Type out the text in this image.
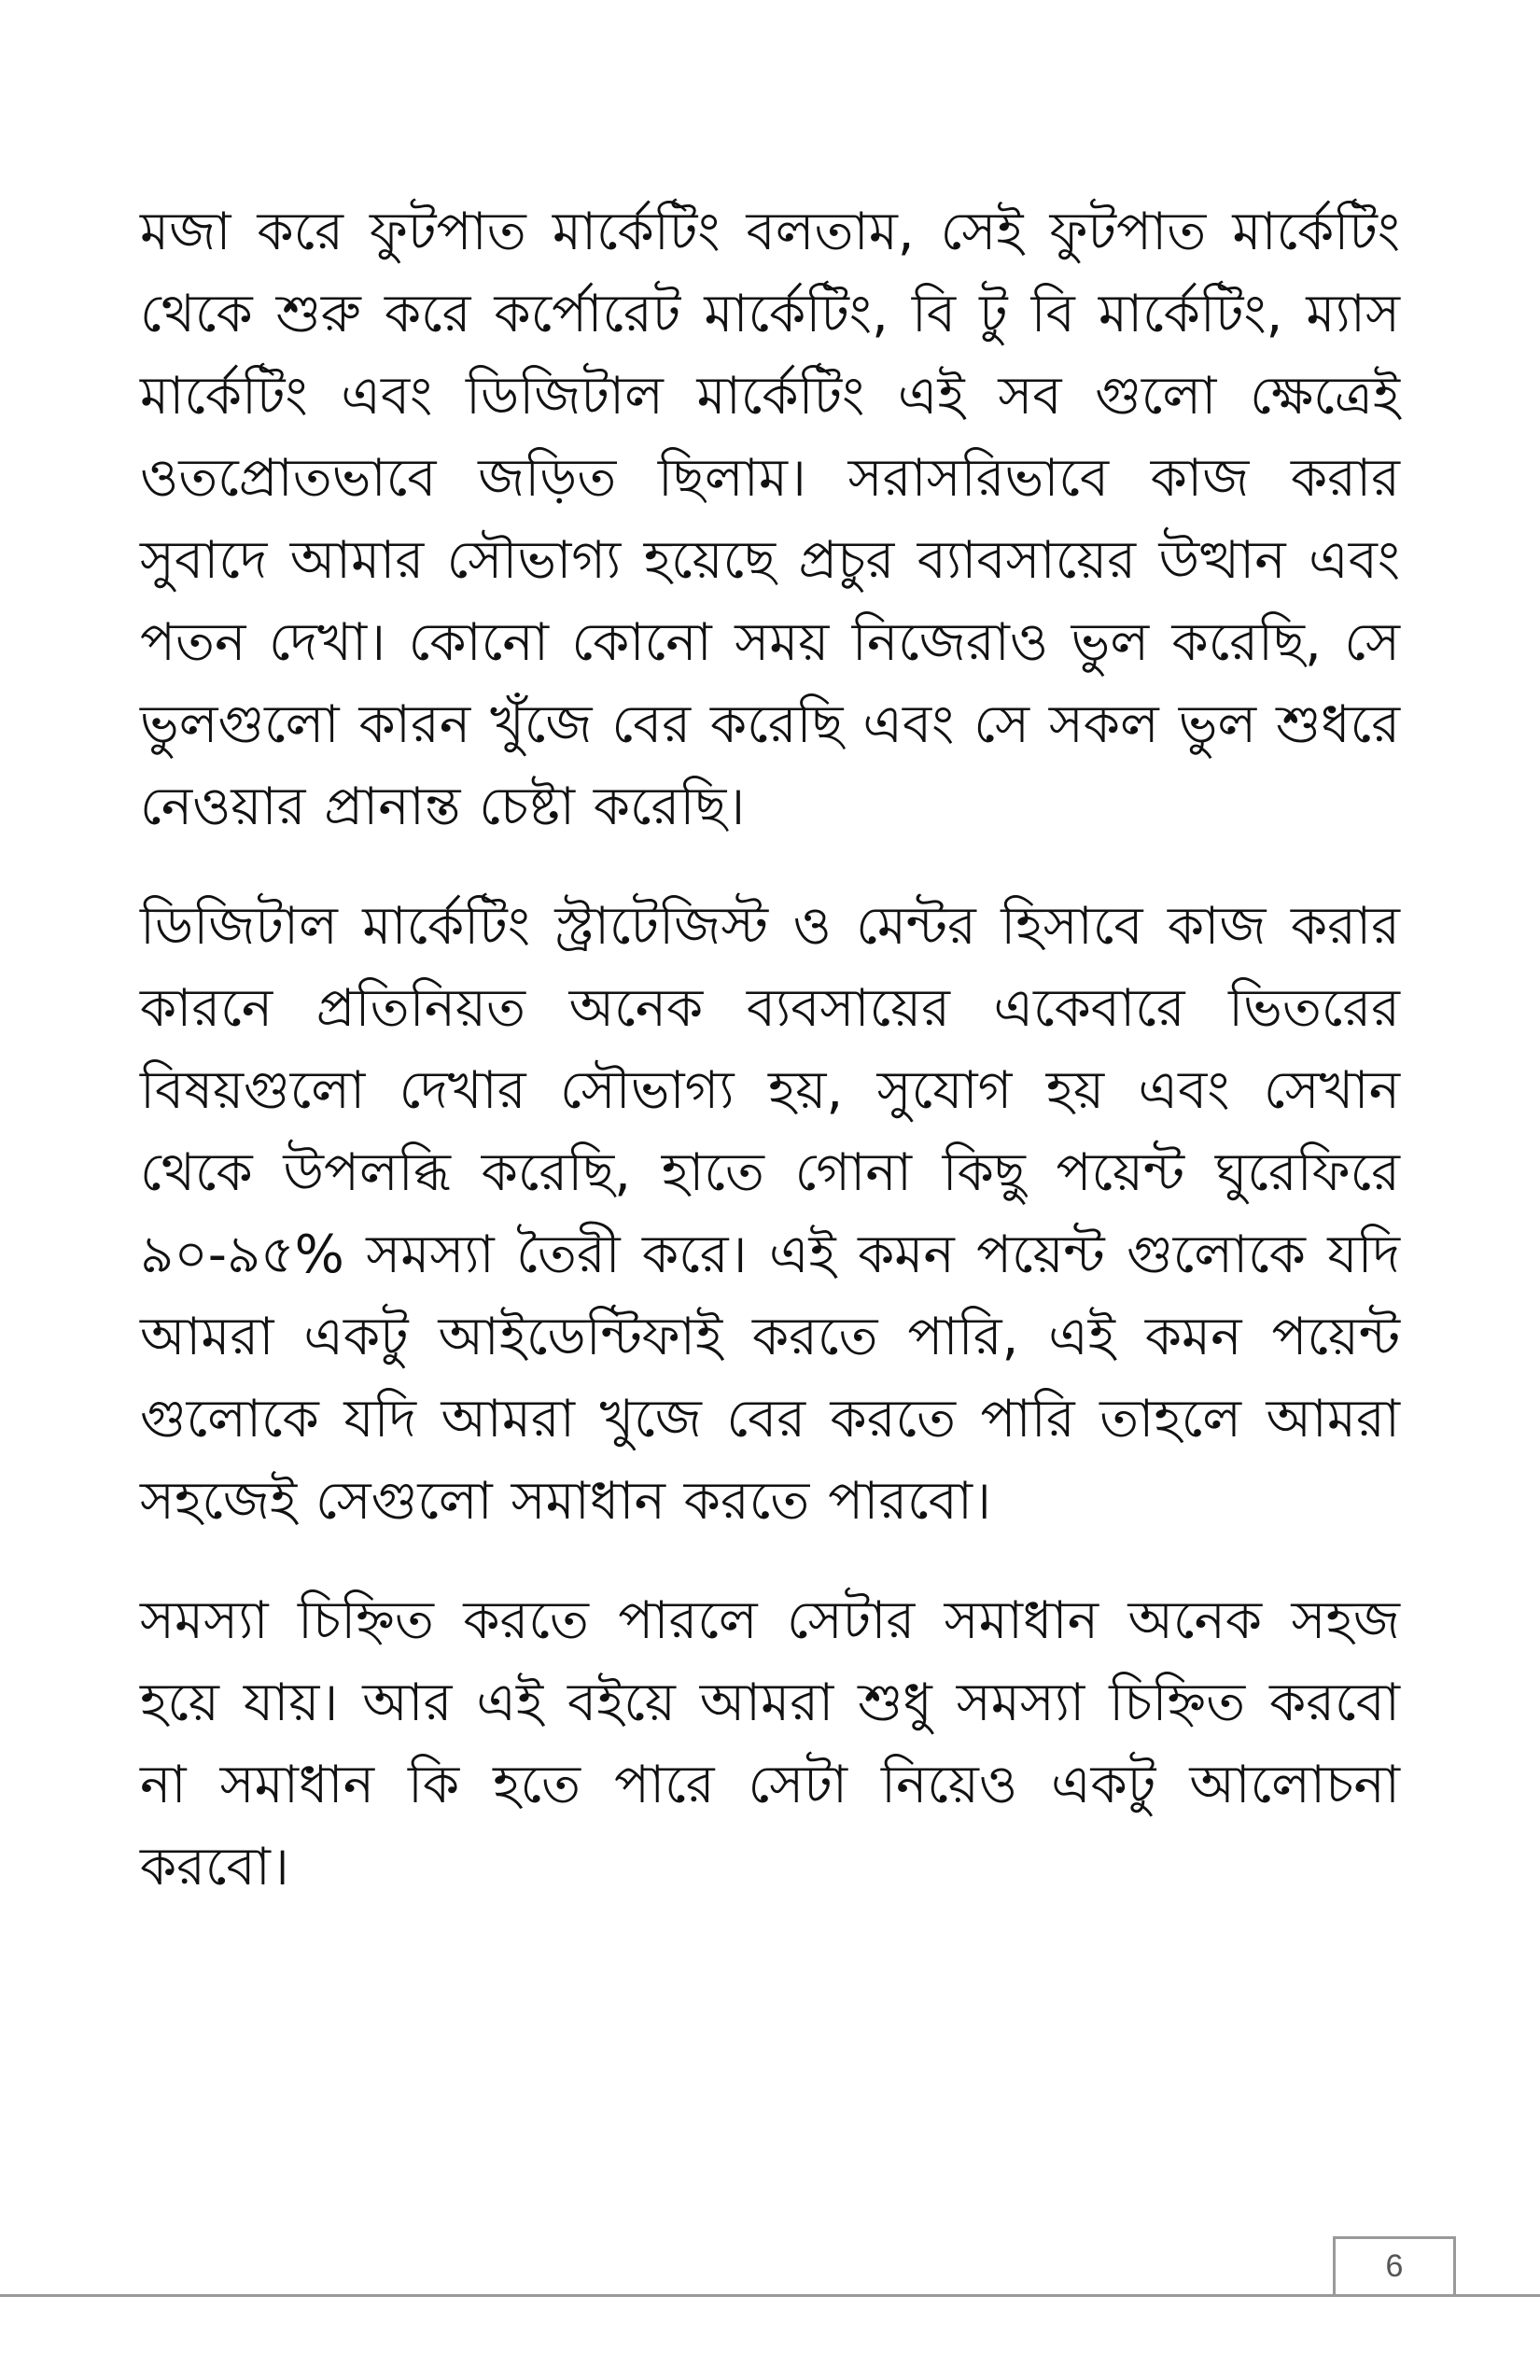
মজা করে ফুটপাত মার্কেটিং বলতাম, সেই ফুটপাত মার্কেটিং থেকে শুরু করে কর্পোরেট মার্কেটিং, বি টু বি মার্কেটিং, ম্যাস মার্কেটিং এবং ডিজিটাল মার্কেটিং এই সব গুলো ক্ষেত্রেই ওতপ্রোতভাবে জড়িত ছিলাম। সরাসরিভাবে কাজ করার সুবাদে আমার সৌভাগ্য হয়েছে প্রচুর ব্যাবসায়ের উত্থান এবং পতন দেখা। কোনো কোনো সময় নিজেরাও ভুল করেছি, সে ভুলগুলো কারন খুঁজে বের করেছি এবং সে সকল ভুল শুধরে নেওয়ার প্রানান্ত চেষ্টা করেছি।

ডিজিটাল মার্কেটিং স্ট্রাটেজিস্ট ও মেন্টর হিসাবে কাজ করার কারনে প্রতিনিয়ত অনেক ব্যবসায়ের একেবারে ভিতরের বিষয়গুলো দেখার সৌভাগ্য হয়, সুযোগ হয় এবং সেখান থেকে উপলব্ধি করেছি, হাতে গোনা কিছু পয়েন্ট ঘুরেফিরে ৯০-৯৫% সমস্যা তৈরী করে। এই কমন পয়েন্ট গুলোকে যদি আমরা একটু আইডেন্টিফাই করতে পারি, এই কমন পয়েন্ট গুলোকে যদি আমরা খুজে বের করতে পারি তাহলে আমরা সহজেই সেগুলো সমাধান করতে পারবো।

সমস্যা চিহ্নিত করতে পারলে সেটার সমাধান অনেক সহজ হয়ে যায়। আর এই বইয়ে আমরা শুধু সমস্যা চিহ্নিত করবো না সমাধান কি হতে পারে সেটা নিয়েও একটু আলোচনা করবো।

6
